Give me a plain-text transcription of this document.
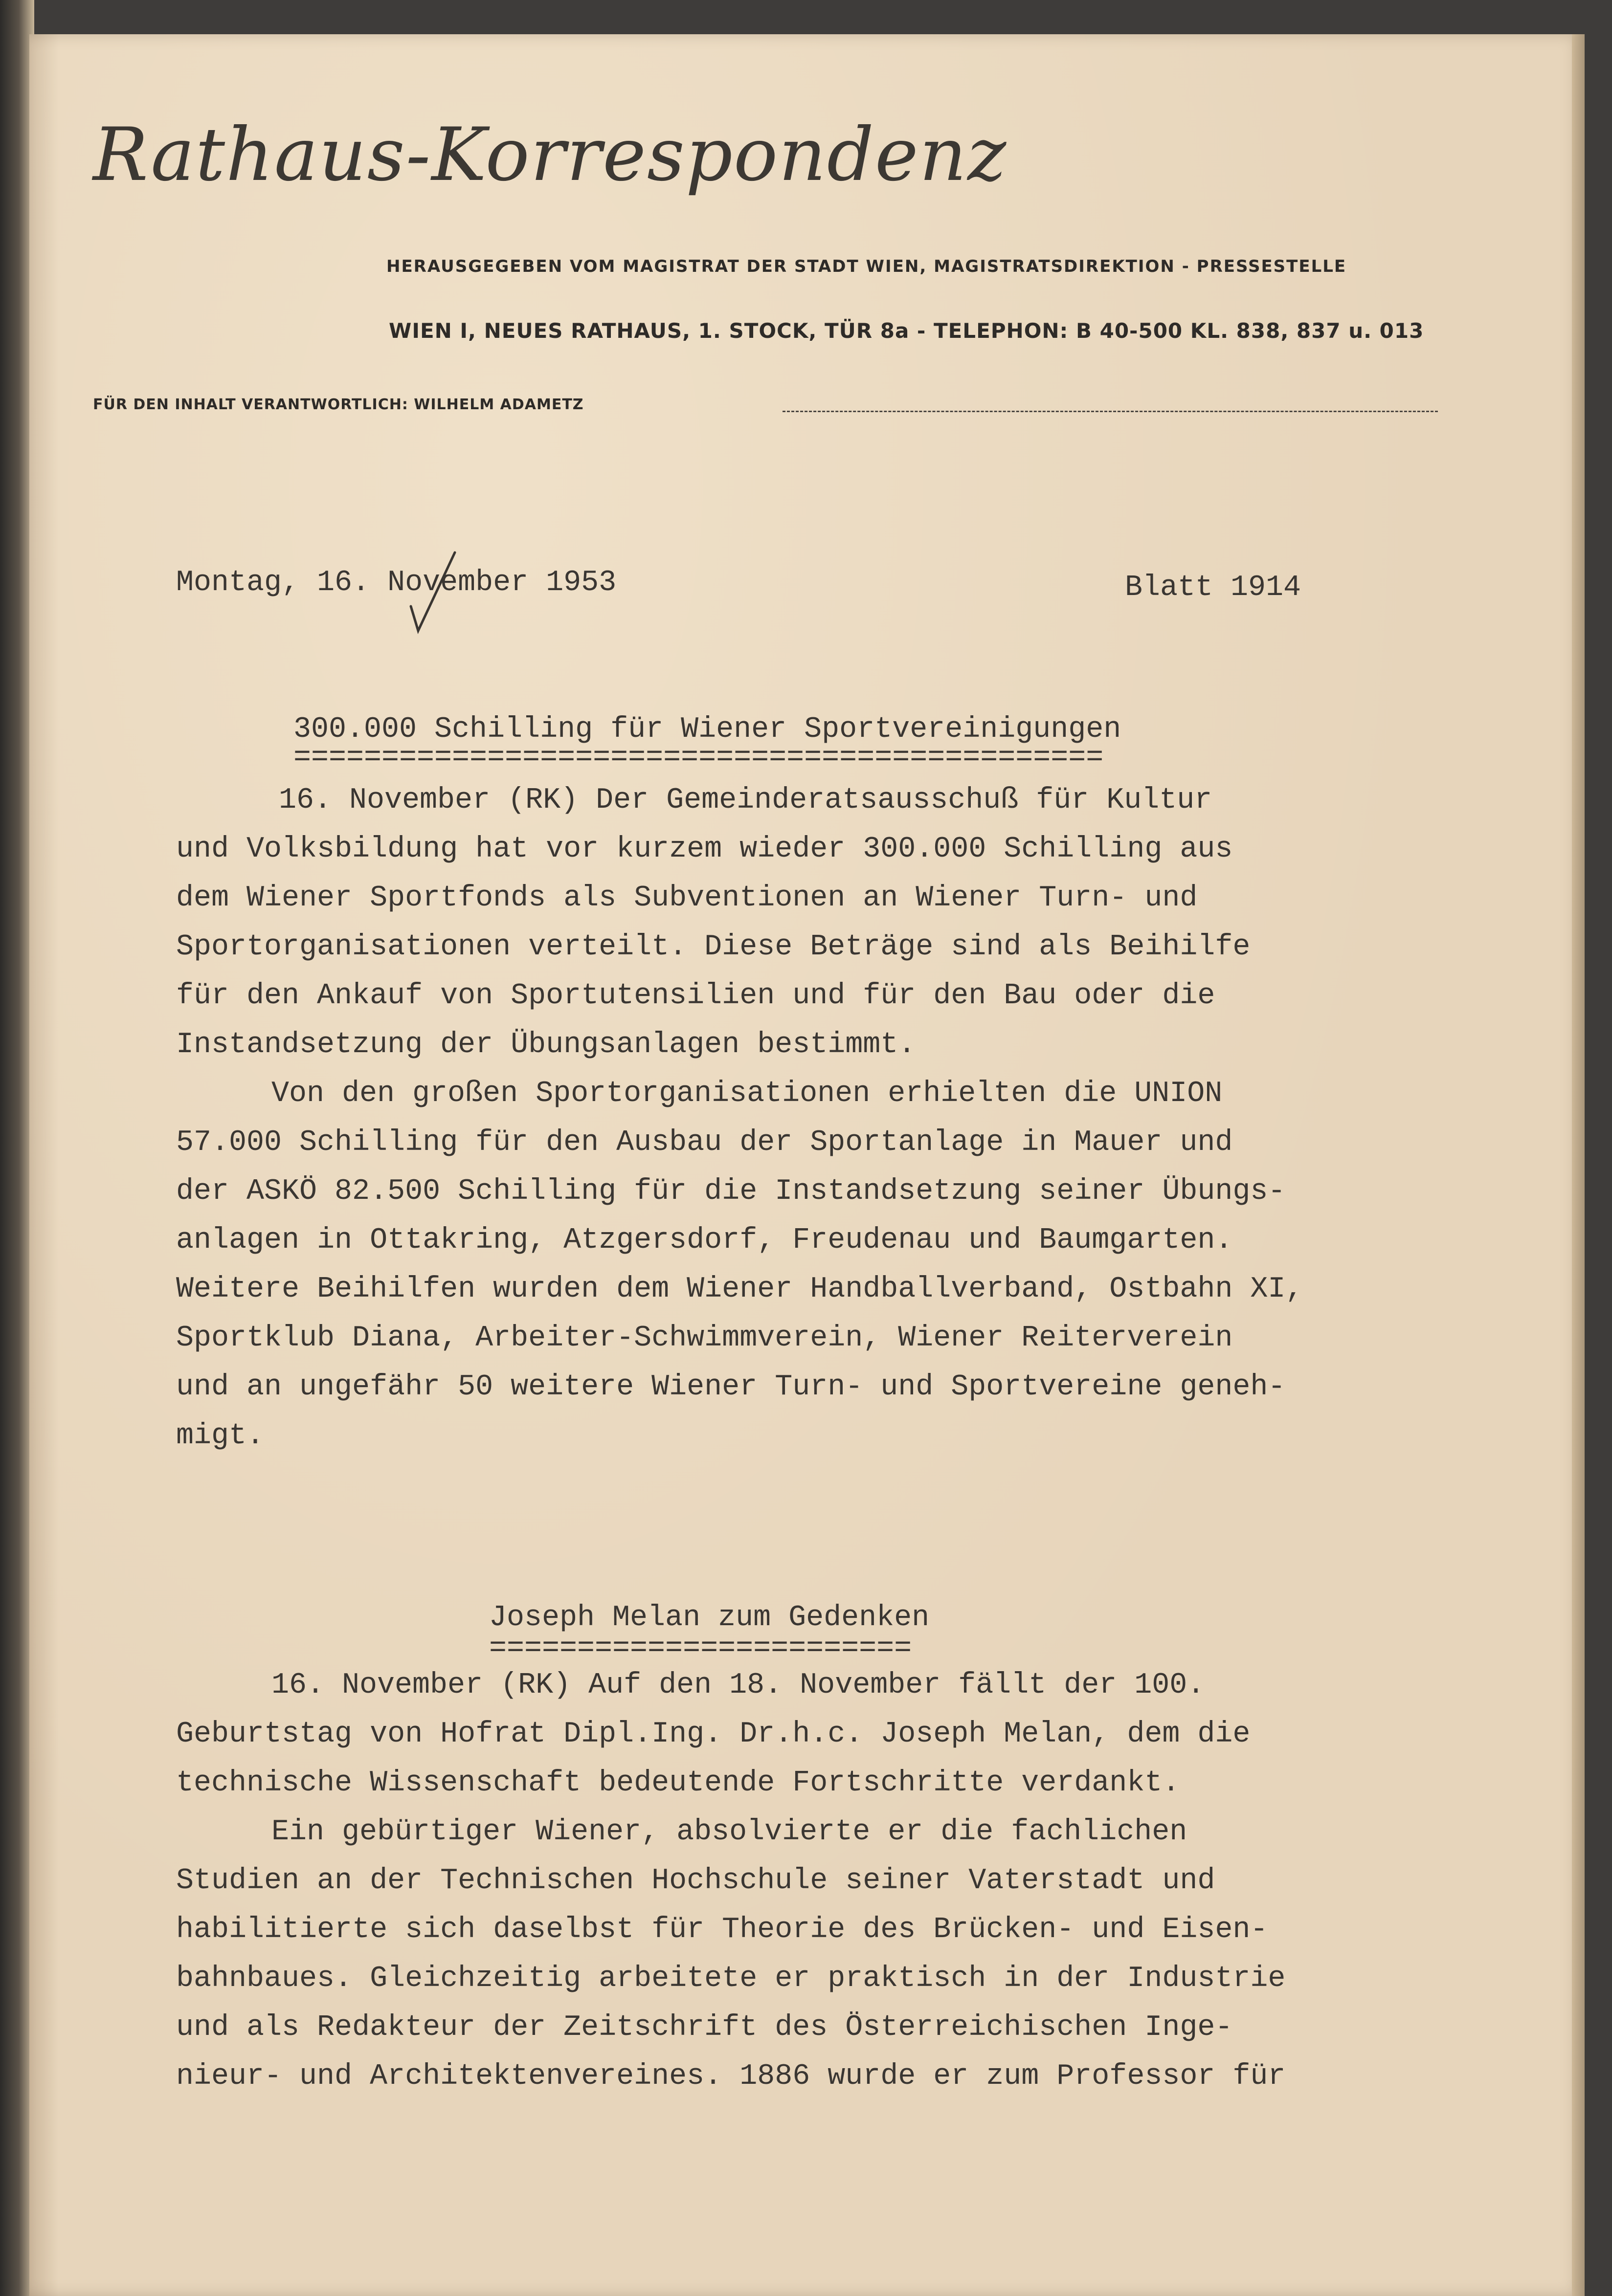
Rathaus-Korrespondenz
HERAUSGEGEBEN VOM MAGISTRAT DER STADT WIEN, MAGISTRATSDIREKTION - PRESSESTELLE
WIEN I, NEUES RATHAUS, 1. STOCK, TÜR 8a - TELEPHON: B 40-500 KL. 838, 837 u. 013
FÜR DEN INHALT VERANTWORTLICH: WILHELM ADAMETZ
Montag, 16. November 1953	Blatt 1914
300.000 Schilling für Wiener Sportvereinigungen
==============================================
16. November (RK) Der Gemeinderatsausschuß für Kultur
und Volksbildung hat vor kurzem wieder 300.000 Schilling aus
dem Wiener Sportfonds als Subventionen an Wiener Turn- und
Sportorganisationen verteilt. Diese Beträge sind als Beihilfe
für den Ankauf von Sportutensilien und für den Bau oder die
Instandsetzung der Übungsanlagen bestimmt.
Von den großen Sportorganisationen erhielten die UNION
57.000 Schilling für den Ausbau der Sportanlage in Mauer und
der ASKÖ 82.500 Schilling für die Instandsetzung seiner Übungs-
anlagen in Ottakring, Atzgersdorf, Freudenau und Baumgarten.
Weitere Beihilfen wurden dem Wiener Handballverband, Ostbahn XI,
Sportklub Diana, Arbeiter-Schwimmverein, Wiener Reiterverein
und an ungefähr 50 weitere Wiener Turn- und Sportvereine geneh-
migt.
Joseph Melan zum Gedenken
========================
16. November (RK) Auf den 18. November fällt der 100.
Geburtstag von Hofrat Dipl.Ing. Dr.h.c. Joseph Melan, dem die
technische Wissenschaft bedeutende Fortschritte verdankt.
Ein gebürtiger Wiener, absolvierte er die fachlichen
Studien an der Technischen Hochschule seiner Vaterstadt und
habilitierte sich daselbst für Theorie des Brücken- und Eisen-
bahnbaues. Gleichzeitig arbeitete er praktisch in der Industrie
und als Redakteur der Zeitschrift des Österreichischen Inge-
nieur- und Architektenvereines. 1886 wurde er zum Professor für
